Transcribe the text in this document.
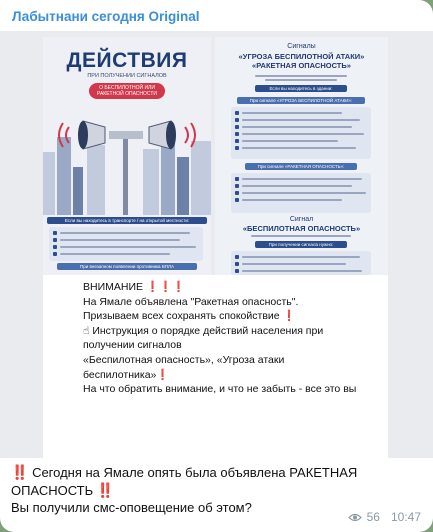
Лабытнани сегодня Original
ДЕЙСТВИЯ
ПРИ ПОЛУЧЕНИИ СИГНАЛОВ
О БЕСПИЛОТНОЙ ИЛИ РАКЕТНОЙ ОПАСНОСТИ
Сигналы
«УГРОЗА БЕСПИЛОТНОЙ АТАКИ» «РАКЕТНАЯ ОПАСНОСТЬ»
Если вы находитесь в здании:
При сигнале «УГРОЗА БЕСПИЛОТНОЙ АТАКИ»:
При сигнале «РАКЕТНАЯ ОПАСНОСТЬ»:
Если вы находитесь в транспорте / на открытой местности:
При внезапном появлении противника БПЛА
Сигнал
«БЕСПИЛОТНАЯ ОПАСНОСТЬ»
При получении сигнала нужно:

ВНИМАНИЕ ❗❗❗

На Ямале объявлена "Ракетная опасность".

Призываем всех сохранять спокойствие ❗

☝ Инструкция о порядке действий населения при

получении сигналов

«Беспилотная опасность», «Угроза атаки

беспилотника»❗

На что обратить внимание, и что не забыть - все это вы

‼️ Сегодня на Ямале опять была объявлена РАКЕТНАЯ
ОПАСНОСТЬ ‼️
Вы получили смс-оповещение об этом?
56 10:47
